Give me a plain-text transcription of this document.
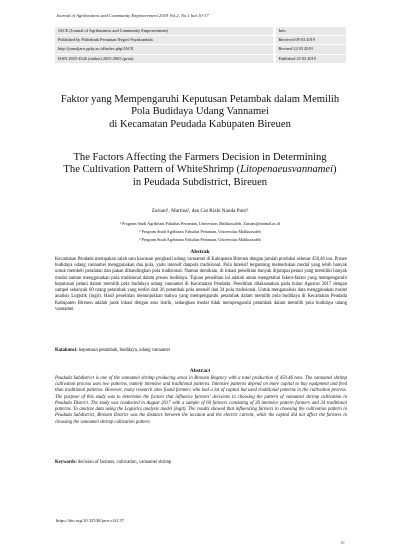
Journal of Agribusiness and Community Empowerment 2019 Vol.2, No.1 hal 10-17
JACE (Journal of Agribusiness and Community Empowerment)	Info
Published by Politeknik Pertanian Negeri Payakumbuh	Received 09 03 2019
http://jurnaljace.ppky.ac.id/index.php/JACE	Revised 22 03 2019
ISSN 2655-4526 (online) 2655-2965 (print)	Published 25 03 2019
Faktor yang Mempengaruhi Keputusan Petambak dalam Memilih
Pola Budidaya Udang Vannamei
di Kecamatan Peudada Kabupaten Bireuen
The Factors Affecting the Farmers Decision in Determining
The Cultivation Pattern of WhiteShrimp (Litopenaeusvannamei)
in Peudada Subdistrict, Bireuen
Zuriani¹, Martina², dan Cut Rizki Nanda Putri³
¹ Program Studi Agribisnis Fakultas Pertanian, Universitas Malikussaleh. Zuriani@unimal.ac.id
² Program Studi Agribisnis Fakultas Pertanian, Universitas Malikussaleh
³ Program Studi Agribisnis Fakultas Pertanian, Universitas Malikussaleh
Abstrak
Kecamatan Peudada merupakan salah satu kawasan penghasil udang vannamei di Kabupaten Bireuen dengan jumlah produksi sebesar 450,46 ton. Proses budidaya udang vannamei menggunakan dua pola, yaitu intensif danpola tradisional. Pola Intensif tergantung memerlukan modal yang lebih banyak untuk membeli peralatan dan pakan dibandingkan pola tradisional. Namun demikian, di lokasi penelitian banyak dijumpai petani yang memiliki banyak modal namun menggunakan pola tradisional dalam proses budidaya. Tujuan penelitian ini adalah untuk mengetahui faktor-faktor yang mempengaruhi keputusan petani dalam memilih pola budidaya udang vannamei di Kecamatan Peudada. Penelitian dilaksanakan pada bulan Agustus 2017 dengan sampel sebanyak 60 orang petambak yang terdiri dari 26 petambak pola intensif dan 34 pola tradisional. Untuk menganalisis data menggunakan model analisis Logistik (logit). Hasil penelitian menunjukkan bahwa yang mempengaruhi petambak dalam memilih pola budidaya di Kecamatan Peudada Kabupaten Bireuen adalah jarak lokasi dengan arus listrik, sedangkan modal tidak mempengaruhi petambak dalam memilih pola budidaya udang vannamei.
Katakunci: keputusan petambak, budidaya, udang vannamei
Abstract
Peudada Subdistrict is one of the vannamei shrimp producing areas in Bireuen Regency with a total production of 450.46 tons. The vannamei shrimp cultivation process uses two patterns, namely intensive and traditional patterns. Intensive patterns depend on more capital to buy equipment and feed than traditional patterns. However, many research sites found farmers who had a lot of capital but used traditional patterns in the cultivation process. The purpose of this study was to determine the factors that influence farmers' decisions in choosing the pattern of vannamei shrimp cultivation in Peudada District. The study was conducted in August 2017 with a sample of 60 farmers consisting of 26 intensive pattern farmers and 34 traditional patterns. To analyze data using the Logistics analysis model (logit). The results showed that influencing farmers in choosing the cultivation pattern in Peudada Subdistrict, Bireuen District was the distance between the location and the electric current, while the capital did not affect the farmers in choosing the vannamei shrimp cultivation pattern.
Keywords: decision of farmers, cultivation, vannamei shrimp
https://doi.org/10.32530/jace.v2i1.57
10
